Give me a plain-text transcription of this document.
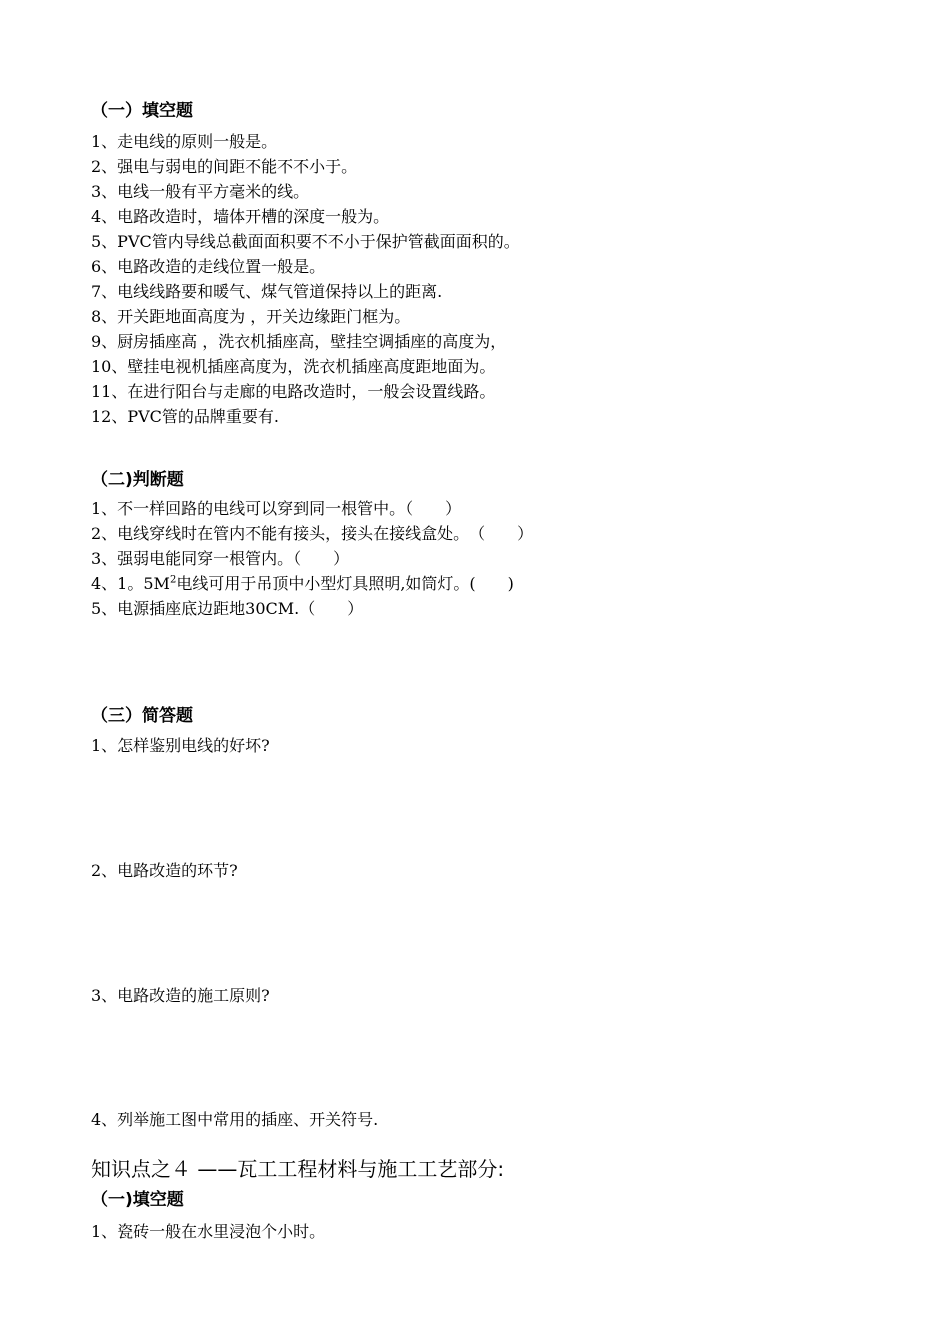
（一）填空题
1、走电线的原则一般是。
2、强电与弱电的间距不能不不小于。
3、电线一般有平方毫米的线。
4、电路改造时，墙体开槽的深度一般为。
5、PVC管内导线总截面面积要不不小于保护管截面面积的。
6、电路改造的走线位置一般是。
7、电线线路要和暖气、煤气管道保持以上的距离.
8、开关距地面高度为 ，开关边缘距门框为。
9、厨房插座高 ，洗衣机插座高，壁挂空调插座的高度为，
10、壁挂电视机插座高度为，洗衣机插座高度距地面为。
11、在进行阳台与走廊的电路改造时，一般会设置线路。
12、PVC管的品牌重要有.
（二)判断题
1、不一样回路的电线可以穿到同一根管中。（　　）
2、电线穿线时在管内不能有接头，接头在接线盒处。　（　　）
3、强弱电能同穿一根管内。（　　）
4、1。$5M^2$电线可用于吊顶中小型灯具照明,如筒灯。(　　)
5、电源插座底边距地30CM.（　　）
（三）简答题
1、怎样鉴别电线的好坏?
2、电路改造的环节?
3、电路改造的施工原则?
4、列举施工图中常用的插座、开关符号.
知识点之４ ——瓦工工程材料与施工工艺部分:
（一)填空题
1、瓷砖一般在水里浸泡个小时。
